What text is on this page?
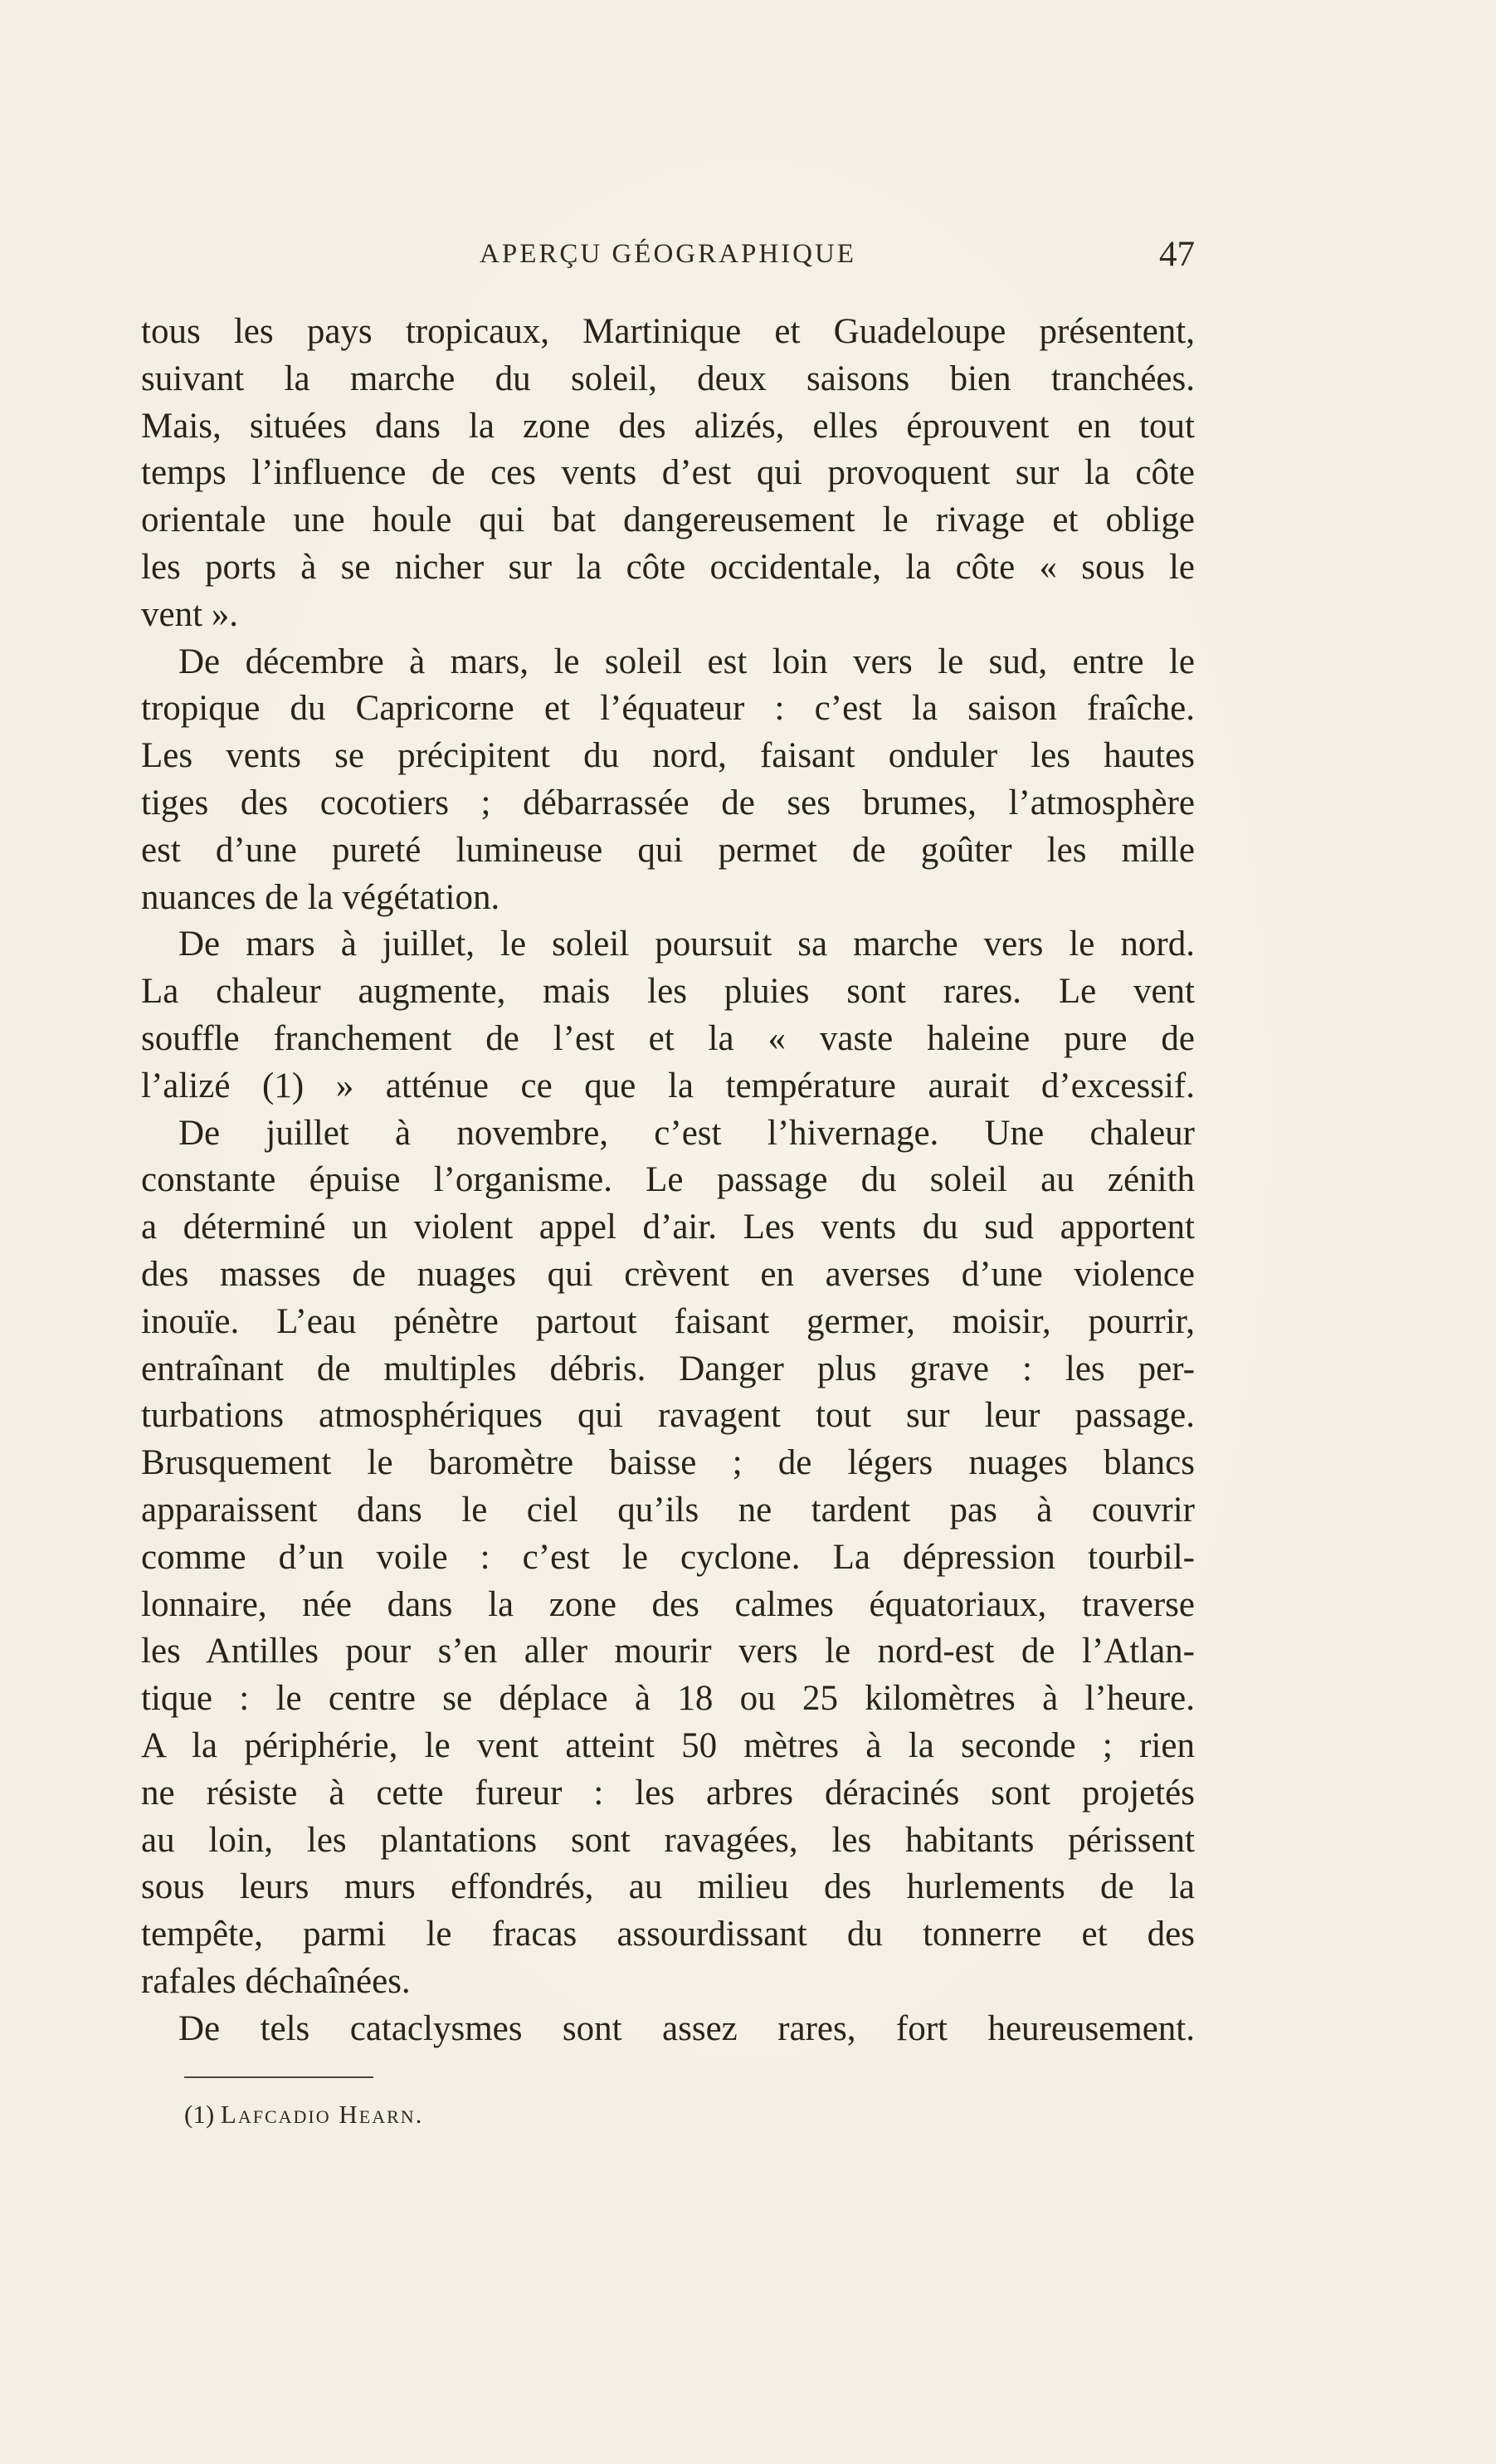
APERÇU GÉOGRAPHIQUE	47
tous les pays tropicaux, Martinique et Guadeloupe présentent,
suivant la marche du soleil, deux saisons bien tranchées.
Mais, situées dans la zone des alizés, elles éprouvent en tout
temps l’influence de ces vents d’est qui provoquent sur la côte
orientale une houle qui bat dangereusement le rivage et oblige
les ports à se nicher sur la côte occidentale, la côte « sous le
vent ».
De décembre à mars, le soleil est loin vers le sud, entre le
tropique du Capricorne et l’équateur : c’est la saison fraîche.
Les vents se précipitent du nord, faisant onduler les hautes
tiges des cocotiers ; débarrassée de ses brumes, l’atmosphère
est d’une pureté lumineuse qui permet de goûter les mille
nuances de la végétation.
De mars à juillet, le soleil poursuit sa marche vers le nord.
La chaleur augmente, mais les pluies sont rares. Le vent
souffle franchement de l’est et la « vaste haleine pure de
l’alizé (1) » atténue ce que la température aurait d’excessif.
De juillet à novembre, c’est l’hivernage. Une chaleur
constante épuise l’organisme. Le passage du soleil au zénith
a déterminé un violent appel d’air. Les vents du sud apportent
des masses de nuages qui crèvent en averses d’une violence
inouïe. L’eau pénètre partout faisant germer, moisir, pourrir,
entraînant de multiples débris. Danger plus grave : les per-
turbations atmosphériques qui ravagent tout sur leur passage.
Brusquement le baromètre baisse ; de légers nuages blancs
apparaissent dans le ciel qu’ils ne tardent pas à couvrir
comme d’un voile : c’est le cyclone. La dépression tourbil-
lonnaire, née dans la zone des calmes équatoriaux, traverse
les Antilles pour s’en aller mourir vers le nord-est de l’Atlan-
tique : le centre se déplace à 18 ou 25 kilomètres à l’heure.
A la périphérie, le vent atteint 50 mètres à la seconde ; rien
ne résiste à cette fureur : les arbres déracinés sont projetés
au loin, les plantations sont ravagées, les habitants périssent
sous leurs murs effondrés, au milieu des hurlements de la
tempête, parmi le fracas assourdissant du tonnerre et des
rafales déchaînées.
De tels cataclysmes sont assez rares, fort heureusement.
(1) Lafcadio Hearn.
